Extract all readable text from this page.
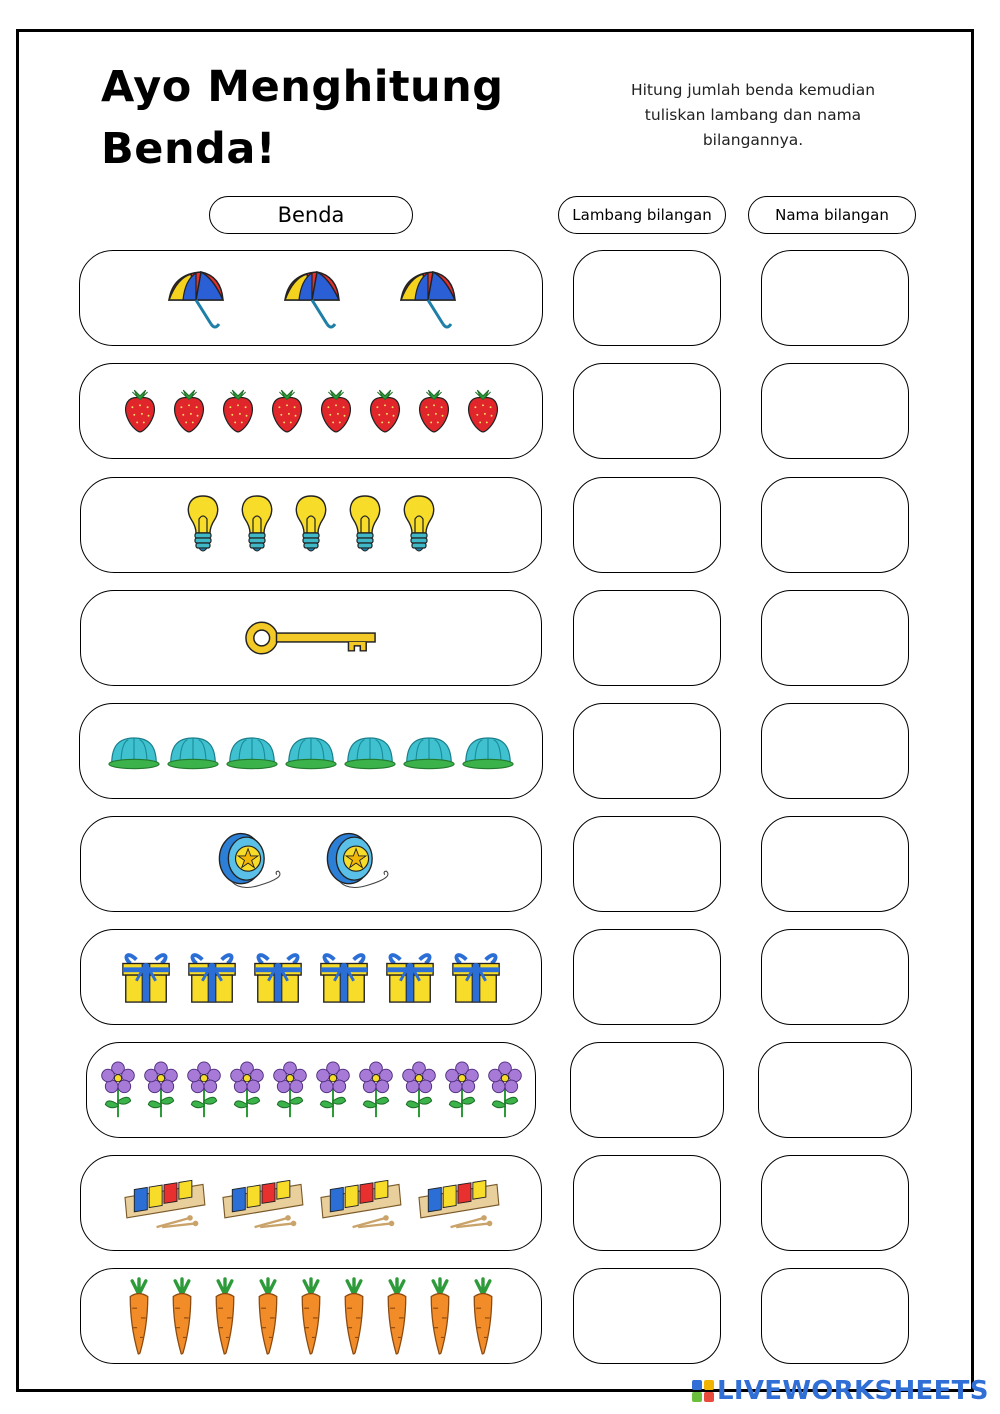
Ayo Menghitung
Benda!
Hitung jumlah benda kemudian
tuliskan lambang dan nama
bilangannya.
Benda	Lambang bilangan	Nama bilangan
LIVEWORKSHEETS
